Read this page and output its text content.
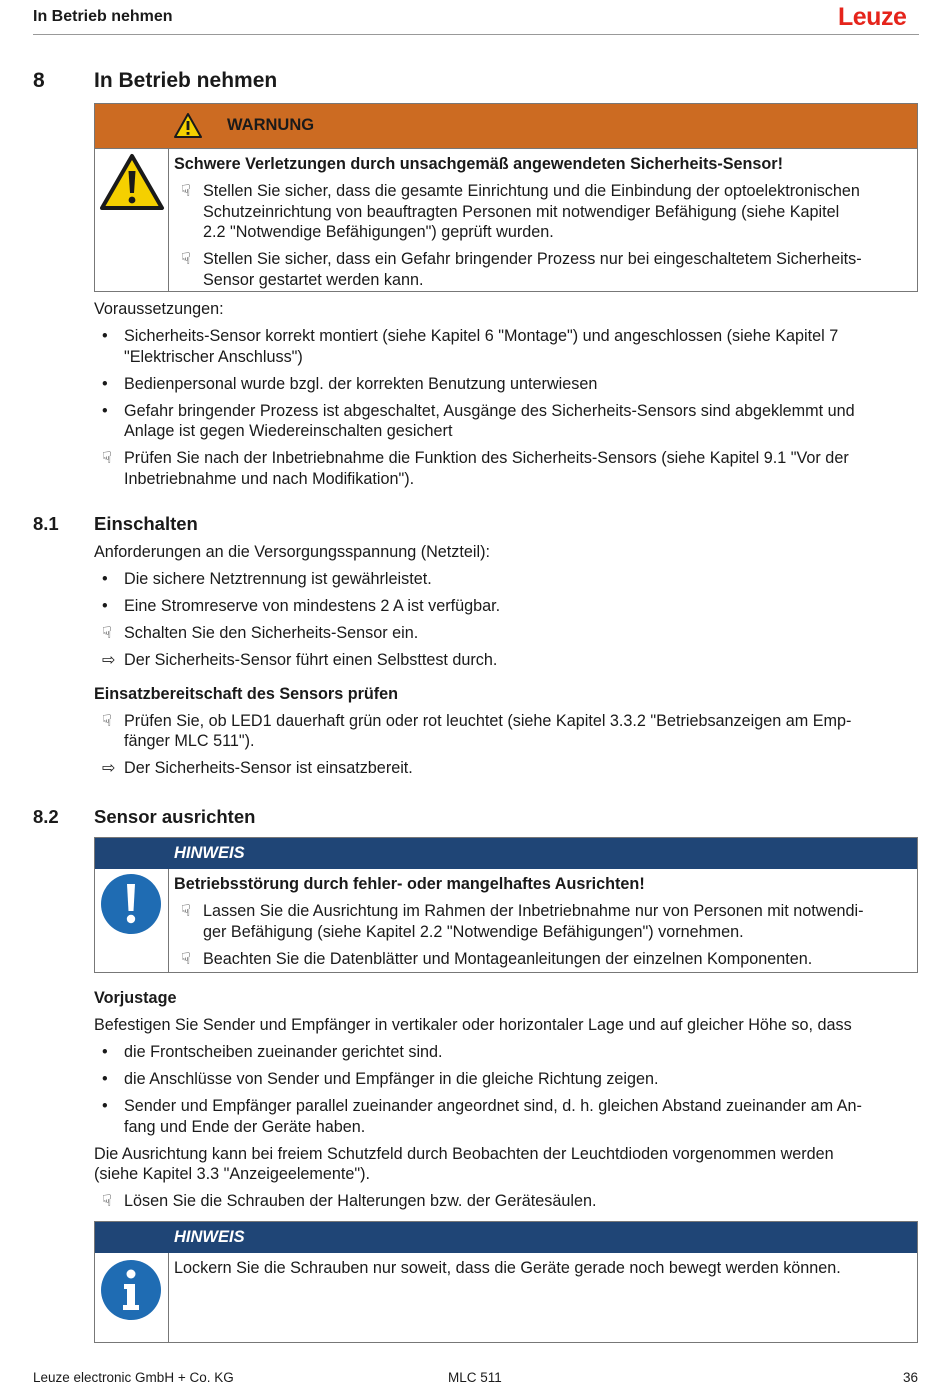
In Betrieb nehmen	Leuze
8 In Betrieb nehmen
WARNUNG
Schwere Verletzungen durch unsachgemäß angewendeten Sicherheits-Sensor!
☟ Stellen Sie sicher, dass die gesamte Einrichtung und die Einbindung der optoelektronischen
Schutzeinrichtung von beauftragten Personen mit notwendiger Befähigung (siehe Kapitel
2.2 "Notwendige Befähigungen") geprüft wurden.
☟ Stellen Sie sicher, dass ein Gefahr bringender Prozess nur bei eingeschaltetem Sicherheits-
Sensor gestartet werden kann.
Voraussetzungen:
• Sicherheits-Sensor korrekt montiert (siehe Kapitel 6 "Montage") und angeschlossen (siehe Kapitel 7
"Elektrischer Anschluss")
• Bedienpersonal wurde bzgl. der korrekten Benutzung unterwiesen
• Gefahr bringender Prozess ist abgeschaltet, Ausgänge des Sicherheits-Sensors sind abgeklemmt und
Anlage ist gegen Wiedereinschalten gesichert
☟ Prüfen Sie nach der Inbetriebnahme die Funktion des Sicherheits-Sensors (siehe Kapitel 9.1 "Vor der
Inbetriebnahme und nach Modifikation").
8.1 Einschalten
Anforderungen an die Versorgungsspannung (Netzteil):
• Die sichere Netztrennung ist gewährleistet.
• Eine Stromreserve von mindestens 2 A ist verfügbar.
☟ Schalten Sie den Sicherheits-Sensor ein.
⇨ Der Sicherheits-Sensor führt einen Selbsttest durch.
Einsatzbereitschaft des Sensors prüfen
☟ Prüfen Sie, ob LED1 dauerhaft grün oder rot leuchtet (siehe Kapitel 3.3.2 "Betriebsanzeigen am Emp-
fänger MLC 511").
⇨ Der Sicherheits-Sensor ist einsatzbereit.
8.2 Sensor ausrichten
HINWEIS
Betriebsstörung durch fehler- oder mangelhaftes Ausrichten!
☟ Lassen Sie die Ausrichtung im Rahmen der Inbetriebnahme nur von Personen mit notwendi-
ger Befähigung (siehe Kapitel 2.2 "Notwendige Befähigungen") vornehmen.
☟ Beachten Sie die Datenblätter und Montageanleitungen der einzelnen Komponenten.
Vorjustage
Befestigen Sie Sender und Empfänger in vertikaler oder horizontaler Lage und auf gleicher Höhe so, dass
• die Frontscheiben zueinander gerichtet sind.
• die Anschlüsse von Sender und Empfänger in die gleiche Richtung zeigen.
• Sender und Empfänger parallel zueinander angeordnet sind, d. h. gleichen Abstand zueinander am An-
fang und Ende der Geräte haben.
Die Ausrichtung kann bei freiem Schutzfeld durch Beobachten der Leuchtdioden vorgenommen werden
(siehe Kapitel 3.3 "Anzeigeelemente").
☟ Lösen Sie die Schrauben der Halterungen bzw. der Gerätesäulen.
HINWEIS
Lockern Sie die Schrauben nur soweit, dass die Geräte gerade noch bewegt werden können.
Leuze electronic GmbH + Co. KG	MLC 511	36
